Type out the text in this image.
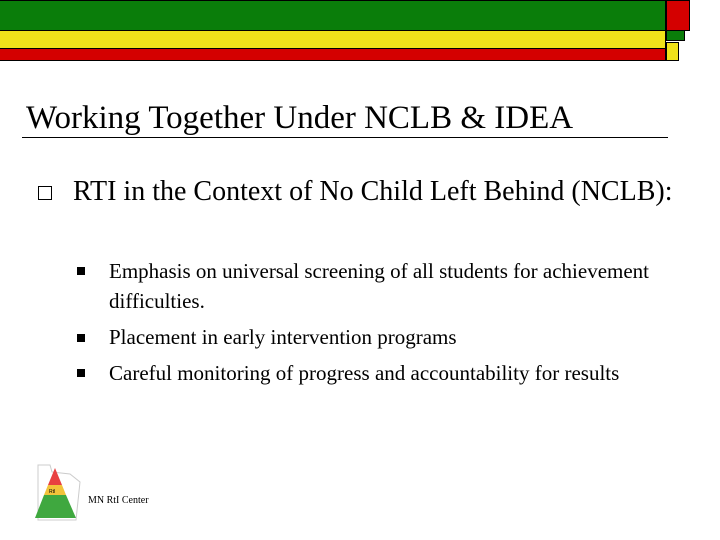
Working Together Under NCLB & IDEA
RTI in the Context of No Child Left Behind (NCLB):
Emphasis on universal screening of all students for achievement difficulties.
Placement in early intervention programs
Careful monitoring of progress and accountability for results
RtI
MN RtI Center
